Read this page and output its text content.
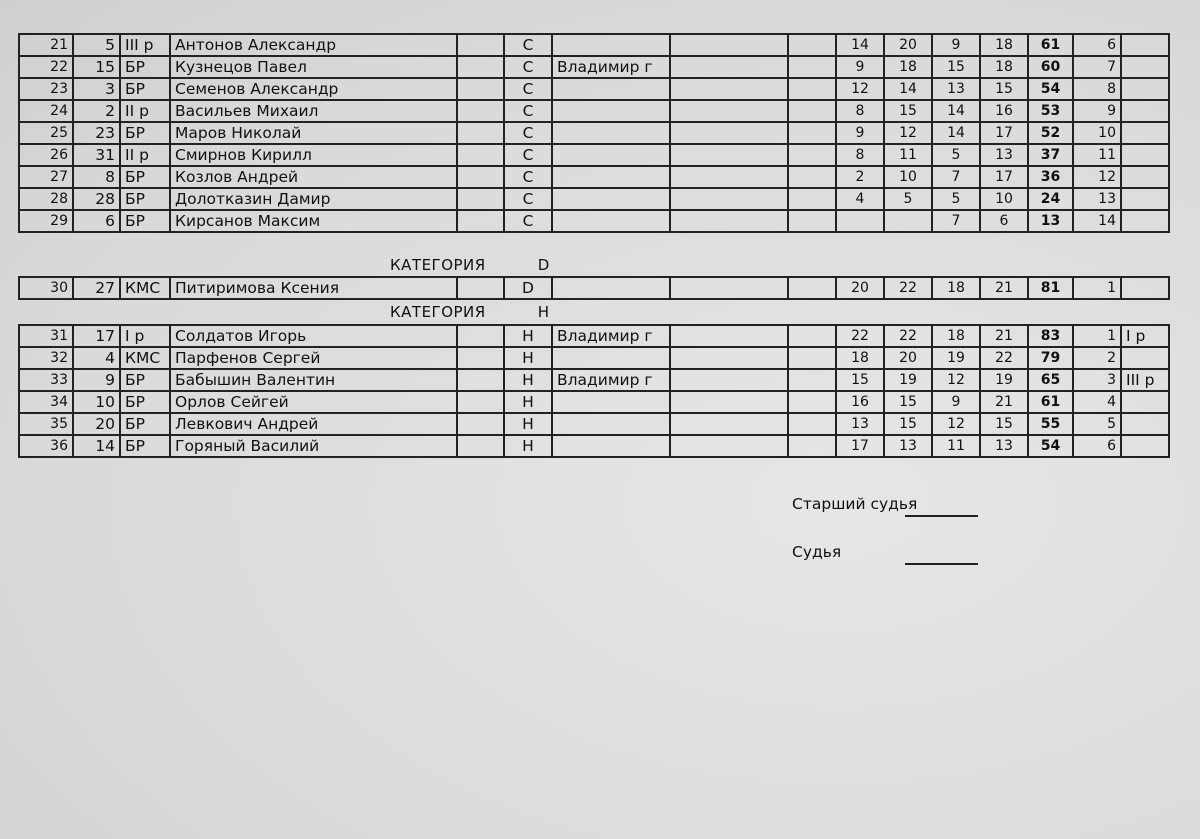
21	5	III р	Антонов Александр		С				14	20	9	18	61	6	
22	15	БР	Кузнецов Павел		С	Владимир г			9	18	15	18	60	7	
23	3	БР	Семенов Александр		С				12	14	13	15	54	8	
24	2	II р	Васильев Михаил		С				8	15	14	16	53	9	
25	23	БР	Маров Николай		С				9	12	14	17	52	10	
26	31	II р	Смирнов Кирилл		С				8	11	5	13	37	11	
27	8	БР	Козлов Андрей		С				2	10	7	17	36	12	
28	28	БР	Долотказин Дамир		С				4	5	5	10	24	13	
29	6	БР	Кирсанов Максим		С						7	6	13	14	
КАТЕГОРИЯ	D
30	27	КМС	Питиримова Ксения		D				20	22	18	21	81	1	
КАТЕГОРИЯ	Н
31	17	I р	Солдатов Игорь		Н	Владимир г			22	22	18	21	83	1	I р
32	4	КМС	Парфенов Сергей		Н				18	20	19	22	79	2	
33	9	БР	Бабышин Валентин		Н	Владимир г			15	19	12	19	65	3	III р
34	10	БР	Орлов Сейгей		Н				16	15	9	21	61	4	
35	20	БР	Левкович Андрей		Н				13	15	12	15	55	5	
36	14	БР	Горяный Василий		Н				17	13	11	13	54	6	
Старший судья
Судья
